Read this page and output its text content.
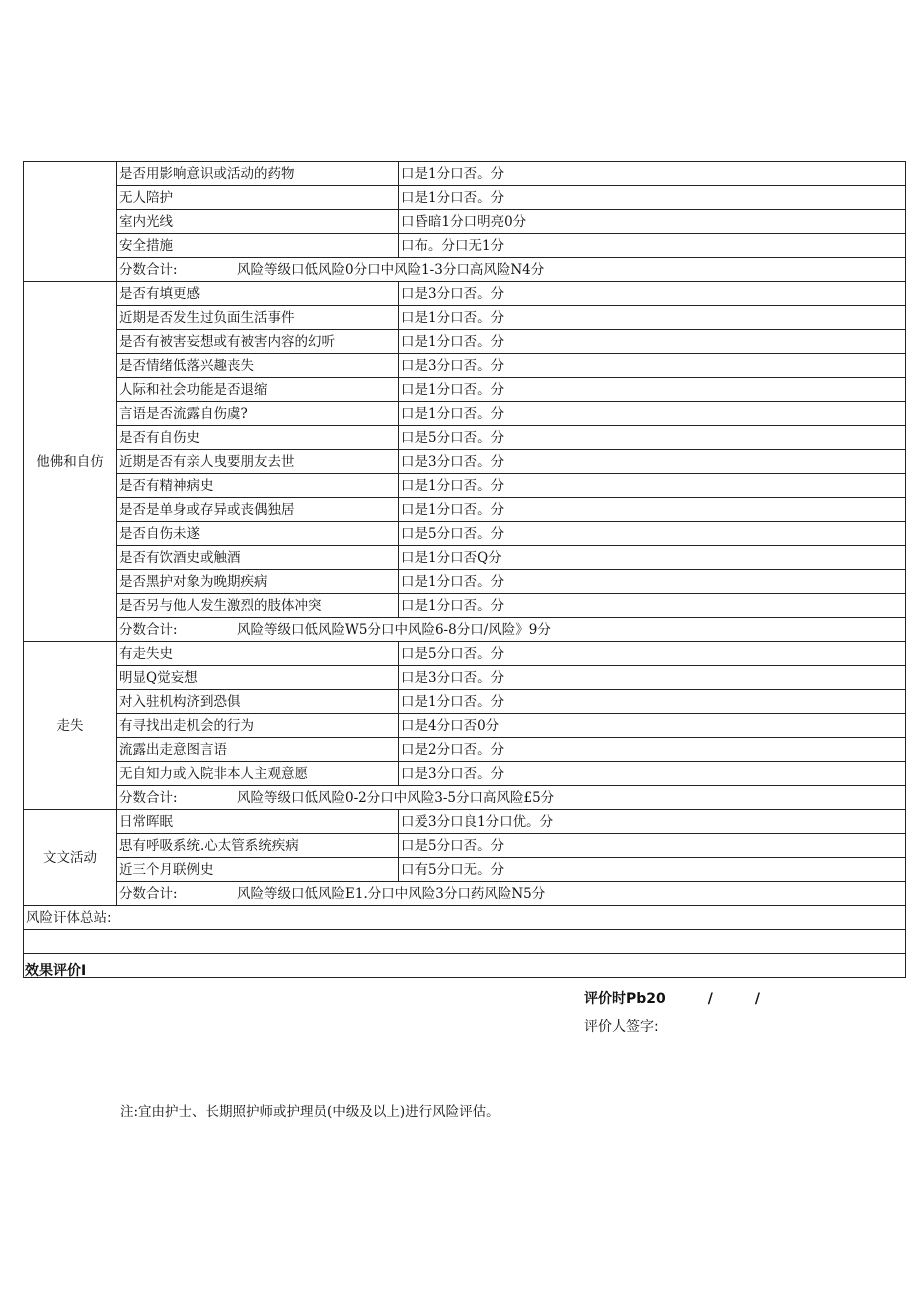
	是否用影响意识或活动的药物	口是1分口否。分
	无人陪护	口是1分口否。分
	室内光线	口昏暗1分口明亮0分
	安全措施	口布。分口无1分
	分数合计: 风险等级口低风险0分口中风险1-3分口高风险N4分	
他佛和自仿	是否有填更感	口是3分口否。分
	近期是否发生过负面生活事件	口是1分口否。分
	是否有被害妄想或有被害内容的幻听	口是1分口否。分
	是否情绪低落兴趣丧失	口是3分口否。分
	人际和社会功能是否退缩	口是1分口否。分
	言语是否流露自伤虞?	口是1分口否。分
	是否有自伤史	口是5分口否。分
	近期是否有亲人曳要朋友去世	口是3分口否。分
	是否有精神病史	口是1分口否。分
	是否是单身或存异或丧偶独居	口是1分口否。分
	是否自伤未遂	口是5分口否。分
	是否有饮酒史或触酒	口是1分口否Q分
	是否黑护对象为晚期疾病	口是1分口否。分
	是否另与他人发生激烈的肢体冲突	口是1分口否。分
	分数合计: 风险等级口低风险W5分口中风险6-8分口/风险》9分	
走失	有走失史	口是5分口否。分
	明显Q觉妄想	口是3分口否。分
	对入驻机构济到恐俱	口是1分口否。分
	有寻找出走机会的行为	口是4分口否0分
	流露出走意图言语	口是2分口否。分
	无自知力或入院非本人主观意愿	口是3分口否。分
	分数合计: 风险等级口低风险0-2分口中风险3-5分口高风险£5分	
文文活动	日常晖眠	口爰3分口良1分口优。分
	思有呼吸系统.心太管系统疾病	口是5分口否。分
	近三个月联例史	口有5分口无。分
	分数合计: 风险等级口低风险E1.分口中风险3分口药风险N5分	
风险讦体总站:		

效果评价I
评价时Pb20　　　/　　　/
评价人签字:		
注:宜由护士、长期照护师或护理员(中级及以上)进行风险评估。
